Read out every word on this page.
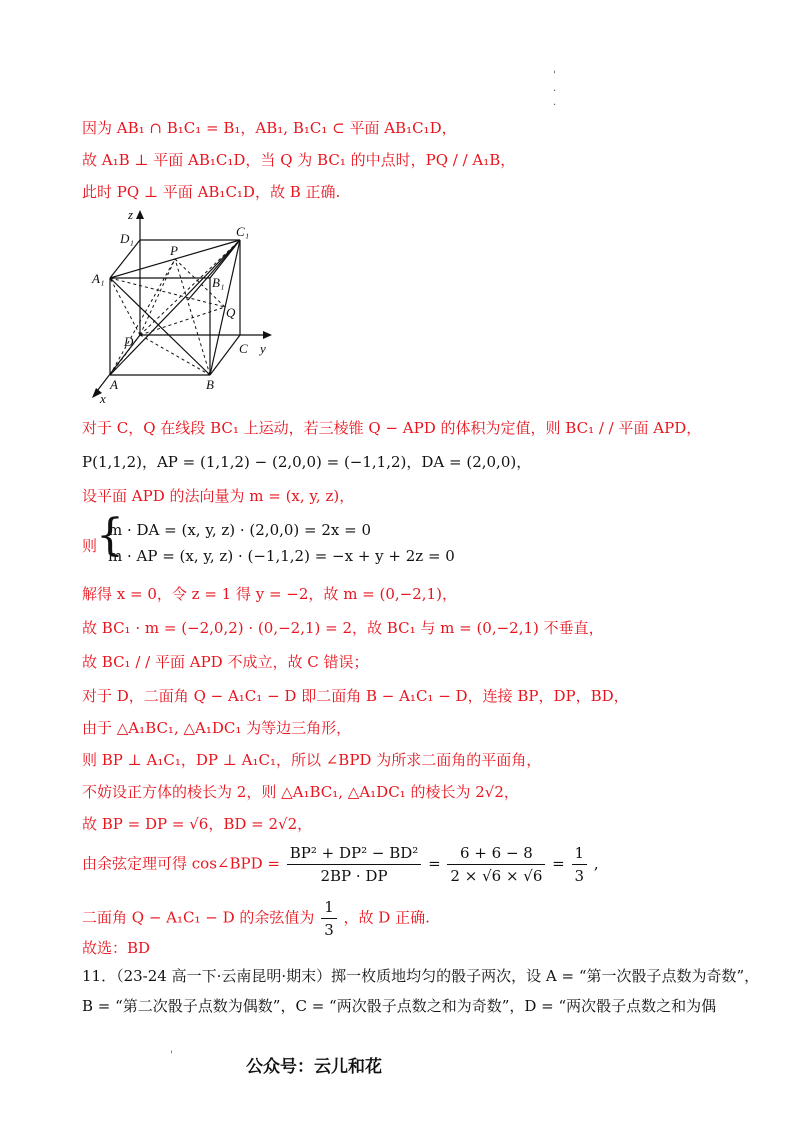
'
·
·
因为 AB₁ ∩ B₁C₁ = B₁，AB₁, B₁C₁ ⊂ 平面 AB₁C₁D，
故 A₁B ⊥ 平面 AB₁C₁D，当 Q 为 BC₁ 的中点时，PQ / / A₁B，
此时 PQ ⊥ 平面 AB₁C₁D，故 B 正确.
z
y
x
D₁	C₁
A₁	B₁
P
Q
D	C
A	B
对于 C，Q 在线段 BC₁ 上运动，若三棱锥 Q − APD 的体积为定值，则 BC₁ / / 平面 APD，
P(1,1,2)，AP = (1,1,2) − (2,0,0) = (−1,1,2)，DA = (2,0,0)，
设平面 APD 的法向量为 m = (x, y, z)，
则
{
m · DA = (x, y, z) · (2,0,0) = 2x = 0
m · AP = (x, y, z) · (−1,1,2) = −x + y + 2z = 0
解得 x = 0，令 z = 1 得 y = −2，故 m = (0,−2,1)，
故 BC₁ · m = (−2,0,2) · (0,−2,1) = 2，故 BC₁ 与 m = (0,−2,1) 不垂直，
故 BC₁ / / 平面 APD 不成立，故 C 错误；
对于 D，二面角 Q − A₁C₁ − D 即二面角 B − A₁C₁ − D，连接 BP，DP，BD，
由于 △A₁BC₁, △A₁DC₁ 为等边三角形，
则 BP ⊥ A₁C₁，DP ⊥ A₁C₁，所以 ∠BPD 为所求二面角的平面角，
不妨设正方体的棱长为 2，则 △A₁BC₁, △A₁DC₁ 的棱长为 2√2，
故 BP = DP = √6，BD = 2√2，
由余弦定理可得 cos∠BPD = $\frac{\text{BP² + DP² − BD²}}{2BP \cdot DP} = \frac{6 + 6 - 8}{2 \times √6 \times √6} = \frac{1}{3}$ ,
二面角 Q − A₁C₁ − D 的余弦值为 $\frac{1}{3}$ ，故 D 正确.
故选：BD
11．（23-24 高一下·云南昆明·期末）掷一枚质地均匀的骰子两次，设 A = “第一次骰子点数为奇数”，
B = “第二次骰子点数为偶数”，C = “两次骰子点数之和为奇数”，D = “两次骰子点数之和为偶
'
公众号：云儿和花
